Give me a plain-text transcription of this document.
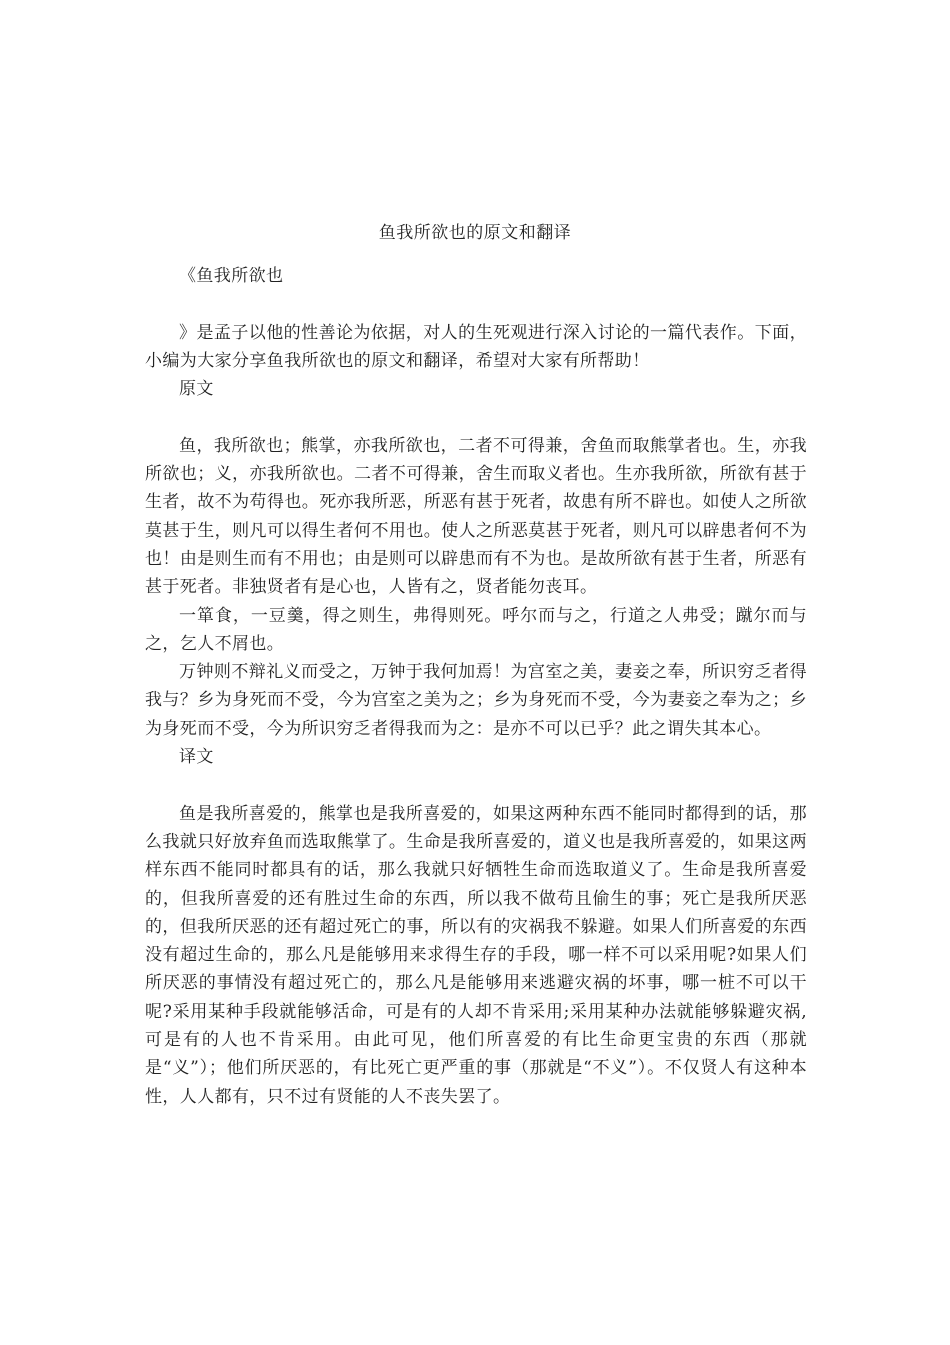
鱼我所欲也的原文和翻译

《鱼我所欲也

》是孟子以他的性善论为依据，对人的生死观进行深入讨论的一篇代表作。下面，小编为大家分享鱼我所欲也的原文和翻译，希望对大家有所帮助！

原文

鱼，我所欲也；熊掌，亦我所欲也，二者不可得兼，舍鱼而取熊掌者也。生，亦我所欲也；义，亦我所欲也。二者不可得兼，舍生而取义者也。生亦我所欲，所欲有甚于生者，故不为苟得也。死亦我所恶，所恶有甚于死者，故患有所不辟也。如使人之所欲莫甚于生，则凡可以得生者何不用也。使人之所恶莫甚于死者，则凡可以辟患者何不为也！由是则生而有不用也；由是则可以辟患而有不为也。是故所欲有甚于生者，所恶有甚于死者。非独贤者有是心也，人皆有之，贤者能勿丧耳。

一箪食，一豆羹，得之则生，弗得则死。呼尔而与之，行道之人弗受；蹴尔而与之，乞人不屑也。

万钟则不辩礼义而受之，万钟于我何加焉！为宫室之美，妻妾之奉，所识穷乏者得我与？乡为身死而不受，今为宫室之美为之；乡为身死而不受，今为妻妾之奉为之；乡为身死而不受，今为所识穷乏者得我而为之：是亦不可以已乎？此之谓失其本心。

译文

鱼是我所喜爱的，熊掌也是我所喜爱的，如果这两种东西不能同时都得到的话，那么我就只好放弃鱼而选取熊掌了。生命是我所喜爱的，道义也是我所喜爱的，如果这两样东西不能同时都具有的话，那么我就只好牺牲生命而选取道义了。生命是我所喜爱的，但我所喜爱的还有胜过生命的东西，所以我不做苟且偷生的事；死亡是我所厌恶的，但我所厌恶的还有超过死亡的事，所以有的灾祸我不躲避。如果人们所喜爱的东西没有超过生命的，那么凡是能够用来求得生存的手段，哪一样不可以采用呢?如果人们所厌恶的事情没有超过死亡的，那么凡是能够用来逃避灾祸的坏事，哪一桩不可以干呢?采用某种手段就能够活命，可是有的人却不肯采用;采用某种办法就能够躲避灾祸,可是有的人也不肯采用。由此可见，他们所喜爱的有比生命更宝贵的东西（那就是“义”）；他们所厌恶的，有比死亡更严重的事（那就是“不义”）。不仅贤人有这种本性，人人都有，只不过有贤能的人不丧失罢了。
